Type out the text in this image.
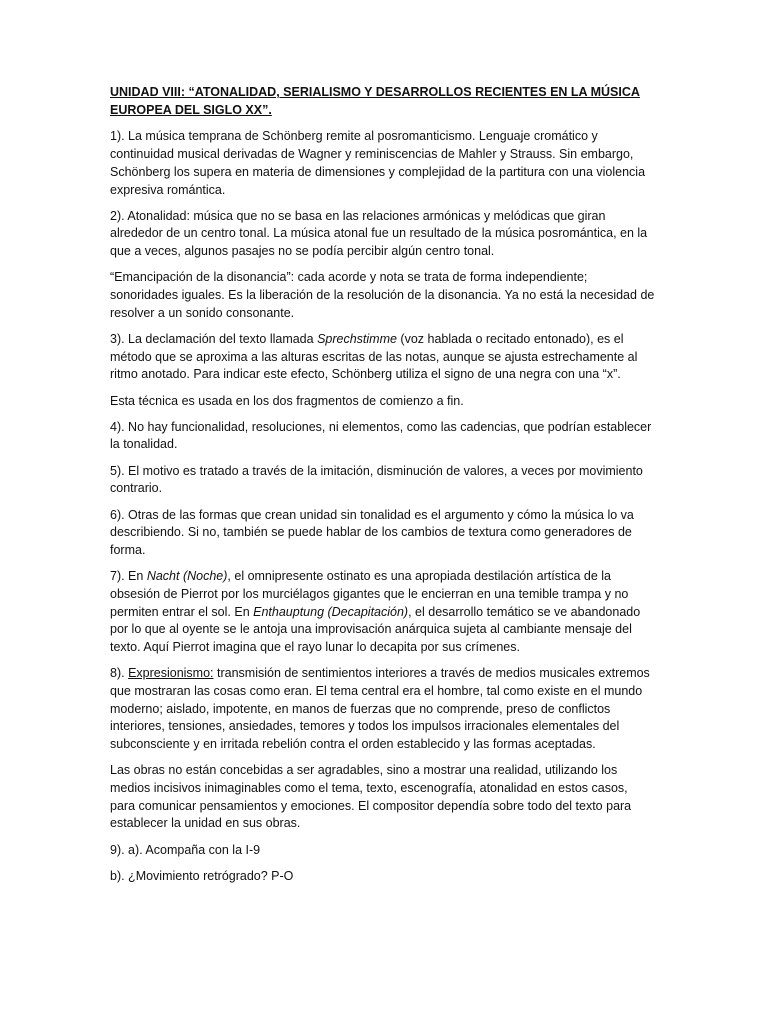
UNIDAD VIII: “ATONALIDAD, SERIALISMO Y DESARROLLOS RECIENTES EN LA MÚSICA EUROPEA DEL SIGLO XX”.

1). La música temprana de Schönberg remite al posromanticismo. Lenguaje cromático y continuidad musical derivadas de Wagner y reminiscencias de Mahler y Strauss. Sin embargo, Schönberg los supera en materia de dimensiones y complejidad de la partitura con una violencia expresiva romántica.

2). Atonalidad: música que no se basa en las relaciones armónicas y melódicas que giran alrededor de un centro tonal. La música atonal fue un resultado de la música posromántica, en la que a veces, algunos pasajes no se podía percibir algún centro tonal.

“Emancipación de la disonancia”: cada acorde y nota se trata de forma independiente; sonoridades iguales. Es la liberación de la resolución de la disonancia. Ya no está la necesidad de resolver a un sonido consonante.

3). La declamación del texto llamada Sprechstimme (voz hablada o recitado entonado), es el método que se aproxima a las alturas escritas de las notas, aunque se ajusta estrechamente al ritmo anotado. Para indicar este efecto, Schönberg utiliza el signo de una negra con una “x”.

Esta técnica es usada en los dos fragmentos de comienzo a fin.

4). No hay funcionalidad, resoluciones, ni elementos, como las cadencias, que podrían establecer la tonalidad.

5). El motivo es tratado a través de la imitación, disminución de valores, a veces por movimiento contrario.

6). Otras de las formas que crean unidad sin tonalidad es el argumento y cómo la música lo va describiendo. Si no, también se puede hablar de los cambios de textura como generadores de forma.

7). En Nacht (Noche), el omnipresente ostinato es una apropiada destilación artística de la obsesión de Pierrot por los murciélagos gigantes que le encierran en una temible trampa y no permiten entrar el sol. En Enthauptung (Decapitación), el desarrollo temático se ve abandonado por lo que al oyente se le antoja una improvisación anárquica sujeta al cambiante mensaje del texto. Aquí Pierrot imagina que el rayo lunar lo decapita por sus crímenes.

8). Expresionismo: transmisión de sentimientos interiores a través de medios musicales extremos que mostraran las cosas como eran. El tema central era el hombre, tal como existe en el mundo moderno; aislado, impotente, en manos de fuerzas que no comprende, preso de conflictos interiores, tensiones, ansiedades, temores y todos los impulsos irracionales elementales del subconsciente y en irritada rebelión contra el orden establecido y las formas aceptadas.

Las obras no están concebidas a ser agradables, sino a mostrar una realidad, utilizando los medios incisivos inimaginables como el tema, texto, escenografía, atonalidad en estos casos, para comunicar pensamientos y emociones. El compositor dependía sobre todo del texto para establecer la unidad en sus obras.

9). a). Acompaña con la I-9

b). ¿Movimiento retrógrado? P-O
